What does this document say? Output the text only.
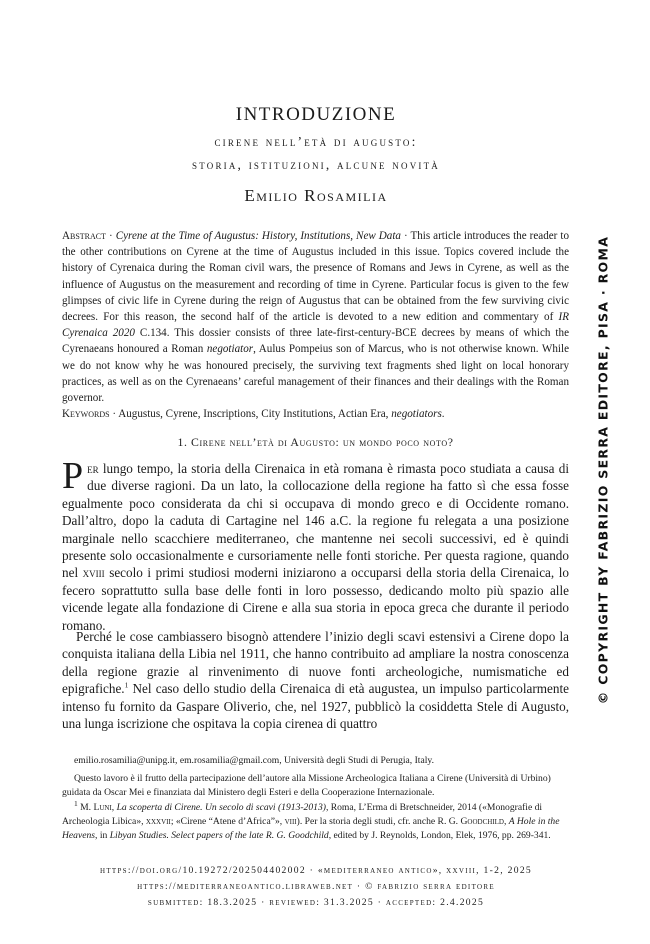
INTRODUZIONE
cirene nell’età di augusto:
storia, istituzioni, alcune novità
Emilio Rosamilia

Abstract · Cyrene at the Time of Augustus: History, Institutions, New Data · This article introduces the reader to the other contributions on Cyrene at the time of Augustus included in this issue. Topics covered include the history of Cyrenaica during the Roman civil wars, the presence of Romans and Jews in Cyrene, as well as the influence of Augustus on the measurement and recording of time in Cyrene. Particular focus is given to the few glimpses of civic life in Cyrene during the reign of Augustus that can be obtained from the few surviving civic decrees. For this reason, the second half of the article is devoted to a new edition and commentary of IR Cyrenaica 2020 C.134. This dossier consists of three late-first-century-BCE decrees by means of which the Cyrenaeans honoured a Roman negotiator, Aulus Pompeius son of Marcus, who is not otherwise known. While we do not know why he was honoured precisely, the surviving text fragments shed light on local honorary practices, as well as on the Cyrenaeans’ careful management of their finances and their dealings with the Roman governor.

Keywords · Augustus, Cyrene, Inscriptions, City Institutions, Actian Era, negotiators.

1. Cirene nell’età di Augusto: un mondo poco noto?

Per lungo tempo, la storia della Cirenaica in età romana è rimasta poco studiata a causa di due diverse ragioni. Da un lato, la collocazione della regione ha fatto sì che essa fosse egualmente poco considerata da chi si occupava di mondo greco e di Occidente romano. Dall’altro, dopo la caduta di Cartagine nel 146 a.C. la regione fu relegata a una posizione marginale nello scacchiere mediterraneo, che mantenne nei secoli successivi, ed è quindi presente solo occasionalmente e cursoriamente nelle fonti storiche. Per questa ragione, quando nel xviii secolo i primi studiosi moderni iniziarono a occuparsi della storia della Cirenaica, lo fecero soprattutto sulla base delle fonti in loro possesso, dedicando molto più spazio alle vicende legate alla fondazione di Cirene e alla sua storia in epoca greca che durante il periodo romano.

Perché le cose cambiassero bisognò attendere l’inizio degli scavi estensivi a Cirene dopo la conquista italiana della Libia nel 1911, che hanno contribuito ad ampliare la nostra conoscenza della regione grazie al rinvenimento di nuove fonti archeologiche, numismatiche ed epigrafiche.$^1$ Nel caso dello studio della Cirenaica di età augustea, un impulso particolarmente intenso fu fornito da Gaspare Oliverio, che, nel 1927, pubblicò la cosiddetta Stele di Augusto, una lunga iscrizione che ospitava la copia cirenea di quattro

emilio.rosamilia@unipg.it, em.rosamilia@gmail.com, Università degli Studi di Perugia, Italy.

Questo lavoro è il frutto della partecipazione dell’autore alla Missione Archeologica Italiana a Cirene (Università di Urbino) guidata da Oscar Mei e finanziata dal Ministero degli Esteri e della Cooperazione Internazionale.

$^1$ M. Luni, La scoperta di Cirene. Un secolo di scavi (1913-2013), Roma, L’Erma di Bretschneider, 2014 («Monografie di Archeologia Libica», xxxvii; «Cirene “Atene d’Africa”», viii). Per la storia degli studi, cfr. anche R. G. Goodchild, A Hole in the Heavens, in Libyan Studies. Select papers of the late R. G. Goodchild, edited by J. Reynolds, London, Elek, 1976, pp. 269-341.

https://doi.org/10.19272/202504402002 · «mediterraneo antico», xxviii, 1-2, 2025
https://mediterraneoantico.libraweb.net · © fabrizio serra editore
submitted: 18.3.2025 · reviewed: 31.3.2025 · accepted: 2.4.2025
© COPYRIGHT BY FABRIZIO SERRA EDITORE, PISA · ROMA
